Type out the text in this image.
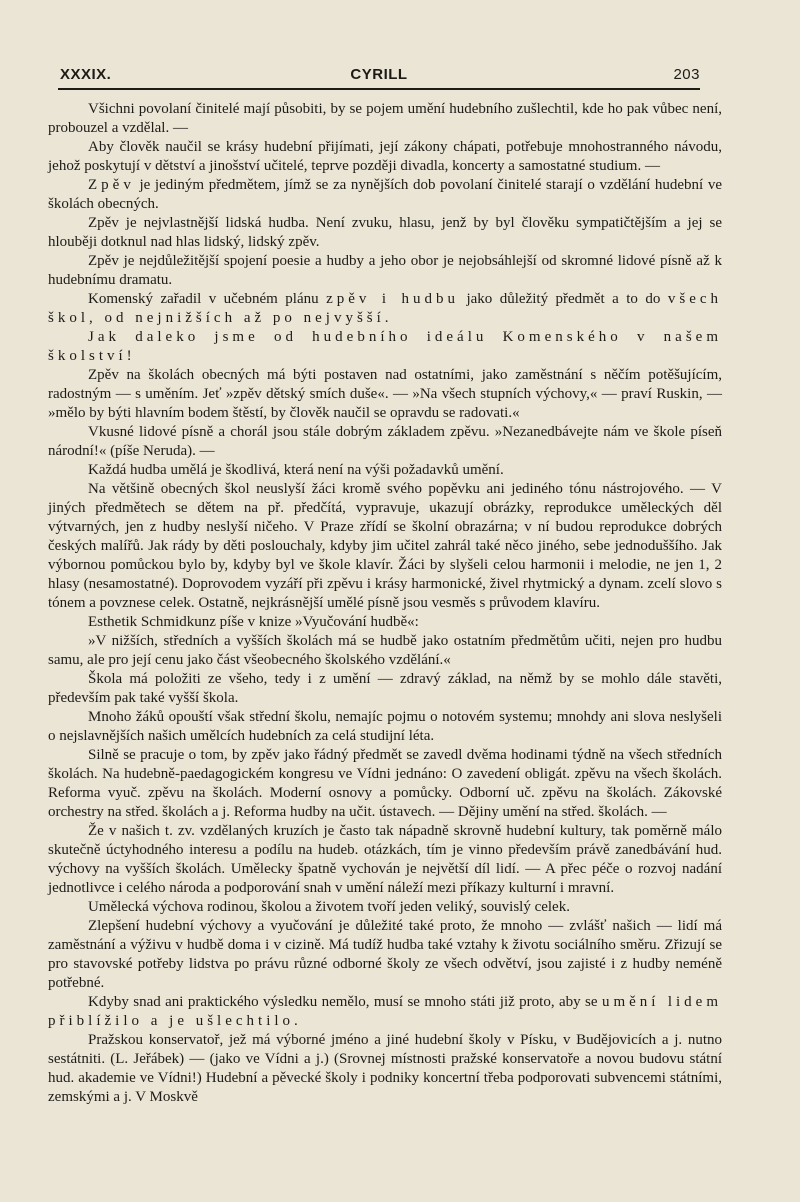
XXXIX.	CYRILL	203

Všichni povolaní činitelé mají působiti, by se pojem umění hudebního zušlechtil, kde ho pak vůbec není, probouzel a vzdělal. —

Aby člověk naučil se krásy hudební přijímati, její zákony chápati, potřebuje mnohostranného návodu, jehož poskytují v dětství a jinošství učitelé, teprve později divadla, koncerty a samostatné studium. —

Zpěv je jediným předmětem, jímž se za nynějších dob povolaní činitelé starají o vzdělání hudební ve školách obecných.

Zpěv je nejvlastnější lidská hudba. Není zvuku, hlasu, jenž by byl člověku sympatičtějším a jej se hlouběji dotknul nad hlas lidský, lidský zpěv.

Zpěv je nejdůležitější spojení poesie a hudby a jeho obor je nejobsáhlejší od skromné lidové písně až k hudebnímu dramatu.

Komenský zařadil v učebném plánu zpěv i hudbu jako důležitý předmět a to do všech škol, od nejnižších až po nejvyšší.

Jak daleko jsme od hudebního ideálu Komenského v našem školství!

Zpěv na školách obecných má býti postaven nad ostatními, jako zaměstnání s něčím potěšujícím, radostným — s uměním. Jeť »zpěv dětský smích duše«. — »Na všech stupních výchovy,« — praví Ruskin, — »mělo by býti hlavním bodem štěstí, by člověk naučil se opravdu se radovati.«

Vkusné lidové písně a chorál jsou stále dobrým základem zpěvu. »Nezanedbávejte nám ve škole píseň národní!« (píše Neruda). —

Každá hudba umělá je škodlivá, která není na výši požadavků umění.

Na většině obecných škol neuslyší žáci kromě svého popěvku ani jediného tónu nástrojového. — V jiných předmětech se dětem na př. předčítá, vypravuje, ukazují obrázky, reprodukce uměleckých děl výtvarných, jen z hudby neslyší ničeho. V Praze zřídí se školní obrazárna; v ní budou reprodukce dobrých českých malířů. Jak rády by děti poslouchaly, kdyby jim učitel zahrál také něco jiného, sebe jednoduššího. Jak výbornou pomůckou bylo by, kdyby byl ve škole klavír. Žáci by slyšeli celou harmonii i melodie, ne jen 1, 2 hlasy (nesamostatné). Doprovodem vyzáří při zpěvu i krásy harmonické, živel rhytmický a dynam. zcelí slovo s tónem a povznese celek. Ostatně, nejkrásnější umělé písně jsou vesměs s průvodem klavíru.

Esthetik Schmidkunz píše v knize »Vyučování hudbě«:

»V nižších, středních a vyšších školách má se hudbě jako ostatním předmětům učiti, nejen pro hudbu samu, ale pro její cenu jako část všeobecného školského vzdělání.«

Škola má položiti ze všeho, tedy i z umění — zdravý základ, na němž by se mohlo dále stavěti, především pak také vyšší škola.

Mnoho žáků opouští však střední školu, nemajíc pojmu o notovém systemu; mnohdy ani slova neslyšeli o nejslavnějších našich umělcích hudebních za celá studijní léta.

Silně se pracuje o tom, by zpěv jako řádný předmět se zavedl dvěma hodinami týdně na všech středních školách. Na hudebně-paedagogickém kongresu ve Vídni jednáno: O zavedení obligát. zpěvu na všech školách. Reforma vyuč. zpěvu na školách. Moderní osnovy a pomůcky. Odborní uč. zpěvu na školách. Zákovské orchestry na střed. školách a j. Reforma hudby na učit. ústavech. — Dějiny umění na střed. školách. —

Že v našich t. zv. vzdělaných kruzích je často tak nápadně skrovně hudební kultury, tak poměrně málo skutečně úctyhodného interesu a podílu na hudeb. otázkách, tím je vinno především právě zanedbávání hud. výchovy na vyšších školách. Umělecky špatně vychován je největší díl lidí. — A přec péče o rozvoj nadání jednotlivce i celého národa a podporování snah v umění náleží mezi příkazy kulturní i mravní.

Umělecká výchova rodinou, školou a životem tvoří jeden veliký, souvislý celek.

Zlepšení hudební výchovy a vyučování je důležité také proto, že mnoho — zvlášť našich — lidí má zaměstnání a výživu v hudbě doma i v cizině. Má tudíž hudba také vztahy k životu sociálního směru. Zřizují se pro stavovské potřeby lidstva po právu různé odborné školy ze všech odvětví, jsou zajisté i z hudby neméně potřebné.

Kdyby snad ani praktického výsledku nemělo, musí se mnoho státi již proto, aby se umění lidem přiblížilo a je ušlechtilo.

Pražskou konservatoř, jež má výborné jméno a jiné hudební školy v Písku, v Budějovicích a j. nutno sestátniti. (L. Jeřábek) — (jako ve Vídni a j.) (Srovnej místnosti pražské konservatoře a novou budovu státní hud. akademie ve Vídni!) Hudební a pěvecké školy i podniky koncertní třeba podporovati subvencemi státními, zemskými a j. V Moskvě
